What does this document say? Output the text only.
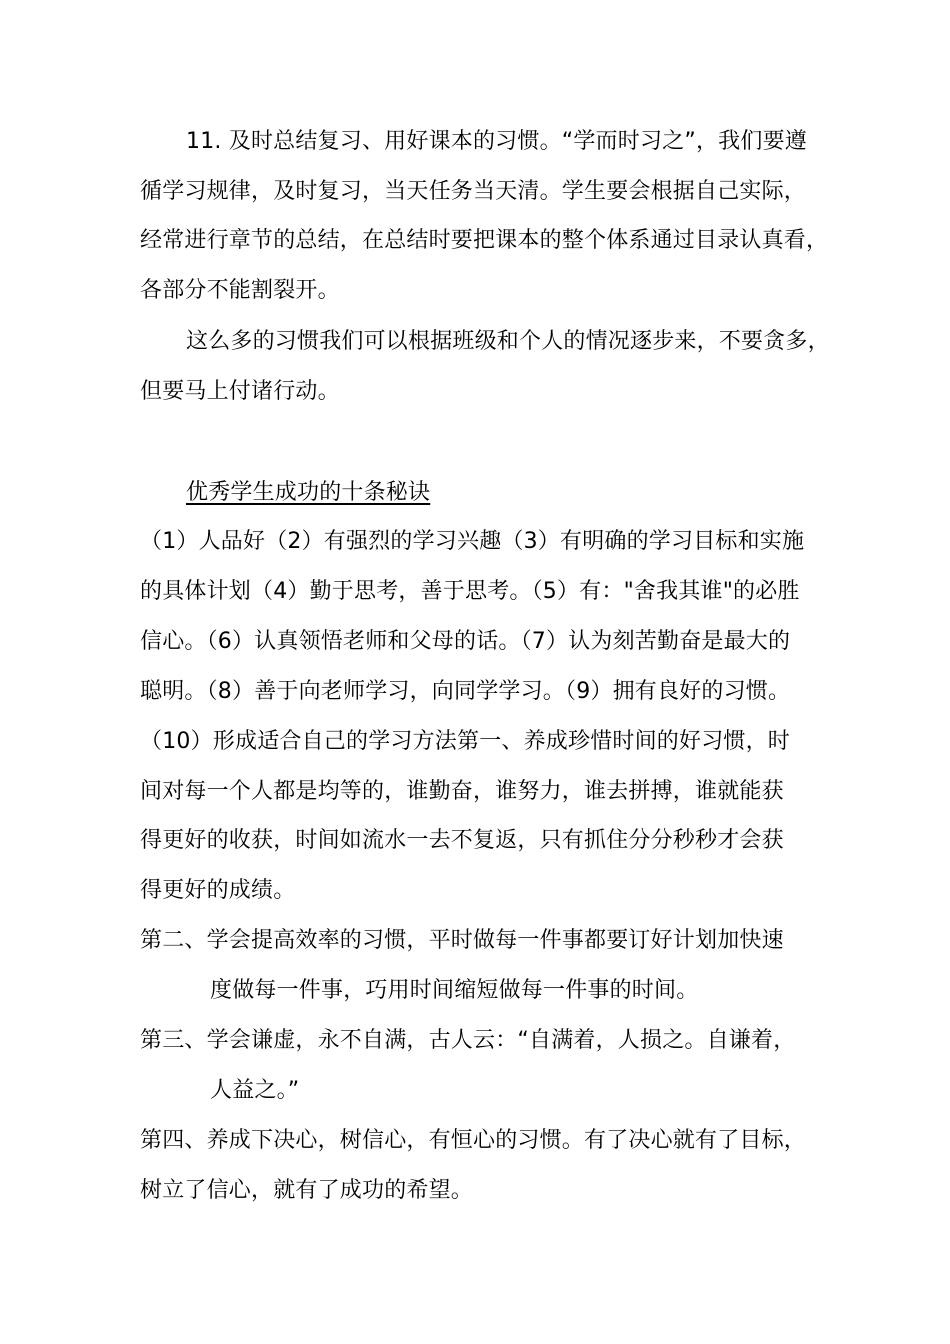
11. 及时总结复习、用好课本的习惯。“学而时习之”，我们要遵
循学习规律，及时复习，当天任务当天清。学生要会根据自己实际，
经常进行章节的总结，在总结时要把课本的整个体系通过目录认真看，
各部分不能割裂开。
这么多的习惯我们可以根据班级和个人的情况逐步来，不要贪多，
但要马上付诸行动。
优秀学生成功的十条秘诀
（1）人品好（2）有强烈的学习兴趣（3）有明确的学习目标和实施
的具体计划（4）勤于思考，善于思考。（5）有："舍我其谁"的必胜
信心。（6）认真领悟老师和父母的话。（7）认为刻苦勤奋是最大的
聪明。（8）善于向老师学习，向同学学习。（9）拥有良好的习惯。
（10）形成适合自己的学习方法第一、养成珍惜时间的好习惯，时
间对每一个人都是均等的，谁勤奋，谁努力，谁去拼搏，谁就能获
得更好的收获，时间如流水一去不复返，只有抓住分分秒秒才会获
得更好的成绩。
第二、学会提高效率的习惯，平时做每一件事都要订好计划加快速
度做每一件事，巧用时间缩短做每一件事的时间。
第三、学会谦虚，永不自满，古人云：“自满着，人损之。自谦着，
人益之。”
第四、养成下决心，树信心，有恒心的习惯。有了决心就有了目标，
树立了信心，就有了成功的希望。
